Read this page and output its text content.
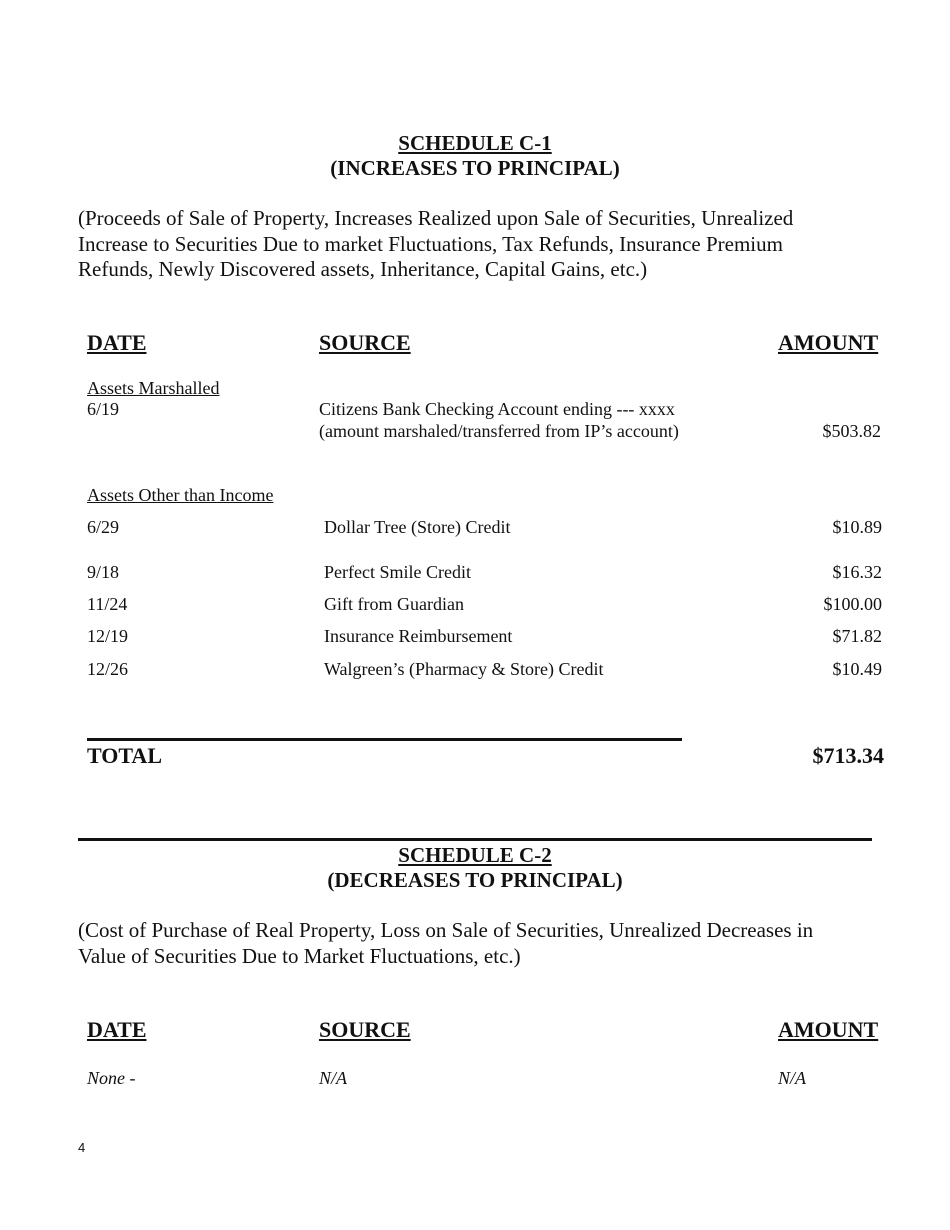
SCHEDULE C-1
(INCREASES TO PRINCIPAL)

(Proceeds of Sale of Property, Increases Realized upon Sale of Securities, Unrealized Increase to Securities Due to market Fluctuations, Tax Refunds, Insurance Premium Refunds, Newly Discovered assets, Inheritance, Capital Gains, etc.)

DATE	SOURCE	AMOUNT
Assets Marshalled
6/19	Citizens Bank Checking Account ending --- xxxx
(amount marshaled/transferred from IP’s account)	$503.82
Assets Other than Income
6/29	Dollar Tree (Store) Credit	$10.89
9/18	Perfect Smile Credit	$16.32
11/24	Gift from Guardian	$100.00
12/19	Insurance Reimbursement	$71.82
12/26	Walgreen’s (Pharmacy & Store) Credit	$10.49
TOTAL	$713.34
SCHEDULE C-2
(DECREASES TO PRINCIPAL)

(Cost of Purchase of Real Property, Loss on Sale of Securities, Unrealized Decreases in Value of Securities Due to Market Fluctuations, etc.)

DATE	SOURCE	AMOUNT
None -	N/A	N/A
4
